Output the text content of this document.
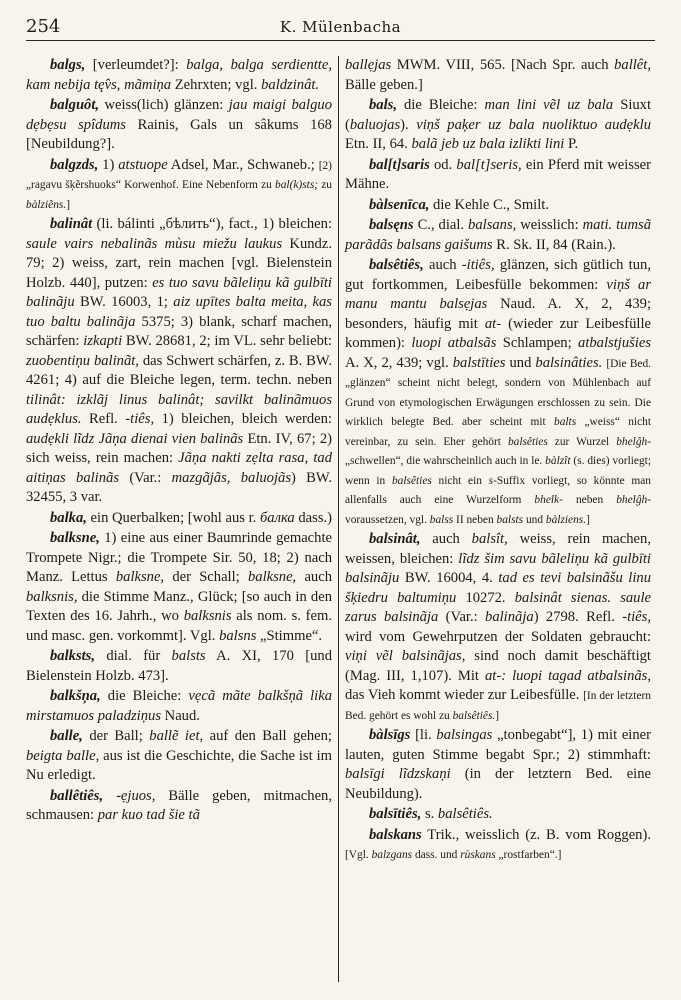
254	K. Mülenbacha

balgs, [verleumdet?]: balga, balga serdientte, kam nebija tę̂vs, mãmiņa Zehrxten; vgl. baldzinât.

balguôt, weiss(lich) glänzen: jau maigi balguo dẹbẹsu spîdums Rainis, Gals un sâkums 168 [Neubildung?].

balgzds, 1) atstuope Adsel, Mar., Schwaneb.; [2) „ragavu šķẽrshuoks“ Korwenhof. Eine Nebenform zu bal(k)sts; zu bàlziẽns.]

balinât (li. bálinti „бѣлить“), fact., 1) bleichen: saule vairs nebalinãs mùsu miežu laukus Kundz. 79; 2) weiss, zart, rein machen [vgl. Bielenstein Holzb. 440], putzen: es tuo savu bãleliņu kã gulbīti balinãju BW. 16003, 1; aiz upītes balta meita, kas tuo baltu balinãja 5375; 3) blank, scharf machen, schärfen: izkapti BW. 28681, 2; im VL. sehr beliebt: zuobentiņu balinãt, das Schwert schärfen, z. B. BW. 4261; 4) auf die Bleiche legen, term. techn. neben tilinât: izklãj linus balinât; savilkt balinãmuos audẹklus. Refl. -tiês, 1) bleichen, bleich werden: audẹkli lĩdz Jãņa dienai vien balinãs Etn. IV, 67; 2) sich weiss, rein machen: Jãņa nakti zẹlta rasa, tad aitiņas balinãs (Var.: mazgãjãs, baluojãs) BW. 32455, 3 var.

balka, ein Querbalken; [wohl aus r. балка dass.)

balksne, 1) eine aus einer Baumrinde gemachte Trompete Nigr.; die Trompete Sir. 50, 18; 2) nach Manz. Lettus balksne, der Schall; balksne, auch balksnis, die Stimme Manz., Glück; [so auch in den Texten des 16. Jahrh., wo balksnis als nom. s. fem. und masc. gen. vorkommt]. Vgl. balsns „Stimme“.

balksts, dial. für balsts A. XI, 170 [und Bielenstein Holzb. 473].

balkšņa, die Bleiche: vẹcã mãte balkšņã lika mirstamuos paladziņus Naud.

balle, der Ball; ballẽ iet, auf den Ball gehen; beigta balle, aus ist die Geschichte, die Sache ist im Nu erledigt.

ballêtiês, -ẹjuos, Bälle geben, mitmachen, schmausen: par kuo tad šie tã

ballẹjas MWM. VIII, 565. [Nach Spr. auch ballêt, Bälle geben.]

bals, die Bleiche: man lini vẽl uz bala Siuxt (baluojas). viņš paķer uz bala nuoliktuo audẹklu Etn. II, 64. balã jeb uz bala izlikti lini P.

bal[t]saris od. bal[t]seris, ein Pferd mit weisser Mähne.

bàlsenīca, die Kehle C., Smilt.

balsęns C., dial. balsans, weisslich: mati. tumsã parãdãs balsans gaišums R. Sk. II, 84 (Rain.).

balsêtiês, auch -itiês, glänzen, sich gütlich tun, gut fortkommen, Leibesfülle bekommen: viņš ar manu mantu balsẹjas Naud. A. X, 2, 439; besonders, häufig mit at- (wieder zur Leibesfülle kommen): luopi atbalsãs Schlampen; atbalstjušies A. X, 2, 439; vgl. balstīties und balsinâties. [Die Bed. „glänzen“ scheint nicht belegt, sondern von Mühlenbach auf Grund von etymologischen Erwägungen erschlossen zu sein. Die wirklich belegte Bed. aber scheint mit balts „weiss“ nicht vereinbar, zu sein. Eher gehört balsêties zur Wurzel bhelĝh- „schwellen“, die wahrscheinlich auch in le. bàlzît (s. dies) vorliegt; wenn in balsêties nicht ein s-Suffix vorliegt, so könnte man allenfalls auch eine Wurzelform bhelk- neben bhelĝh- voraussetzen, vgl. balss II neben balsts und bàlziens.]

balsinât, auch balsît, weiss, rein machen, weissen, bleichen: lĩdz šim savu bãleliņu kã gulbīti balsinãju BW. 16004, 4. tad es tevi balsinãšu linu šķiedru baltumiņu 10272. balsinât sienas. saule zarus balsinãja (Var.: balinãja) 2798. Refl. -tiês, wird vom Gewehrputzen der Soldaten gebraucht: viņi vẽl balsinãjas, sind noch damit beschäftigt (Mag. III, 1,107). Mit at-: luopi tagad atbalsinãs, das Vieh kommt wieder zur Leibesfülle. [In der letztern Bed. gehört es wohl zu balsêtiês.]

bàlsīgs [li. balsingas „tonbegabt“], 1) mit einer lauten, guten Stimme begabt Spr.; 2) stimmhaft: balsīgi lĩdzskaņi (in der letztern Bed. eine Neubildung).

balsītiês, s. balsêtiês.

balskans Trik., weisslich (z. B. vom Roggen). [Vgl. balzgans dass. und rùskans „rostfarben“.]
